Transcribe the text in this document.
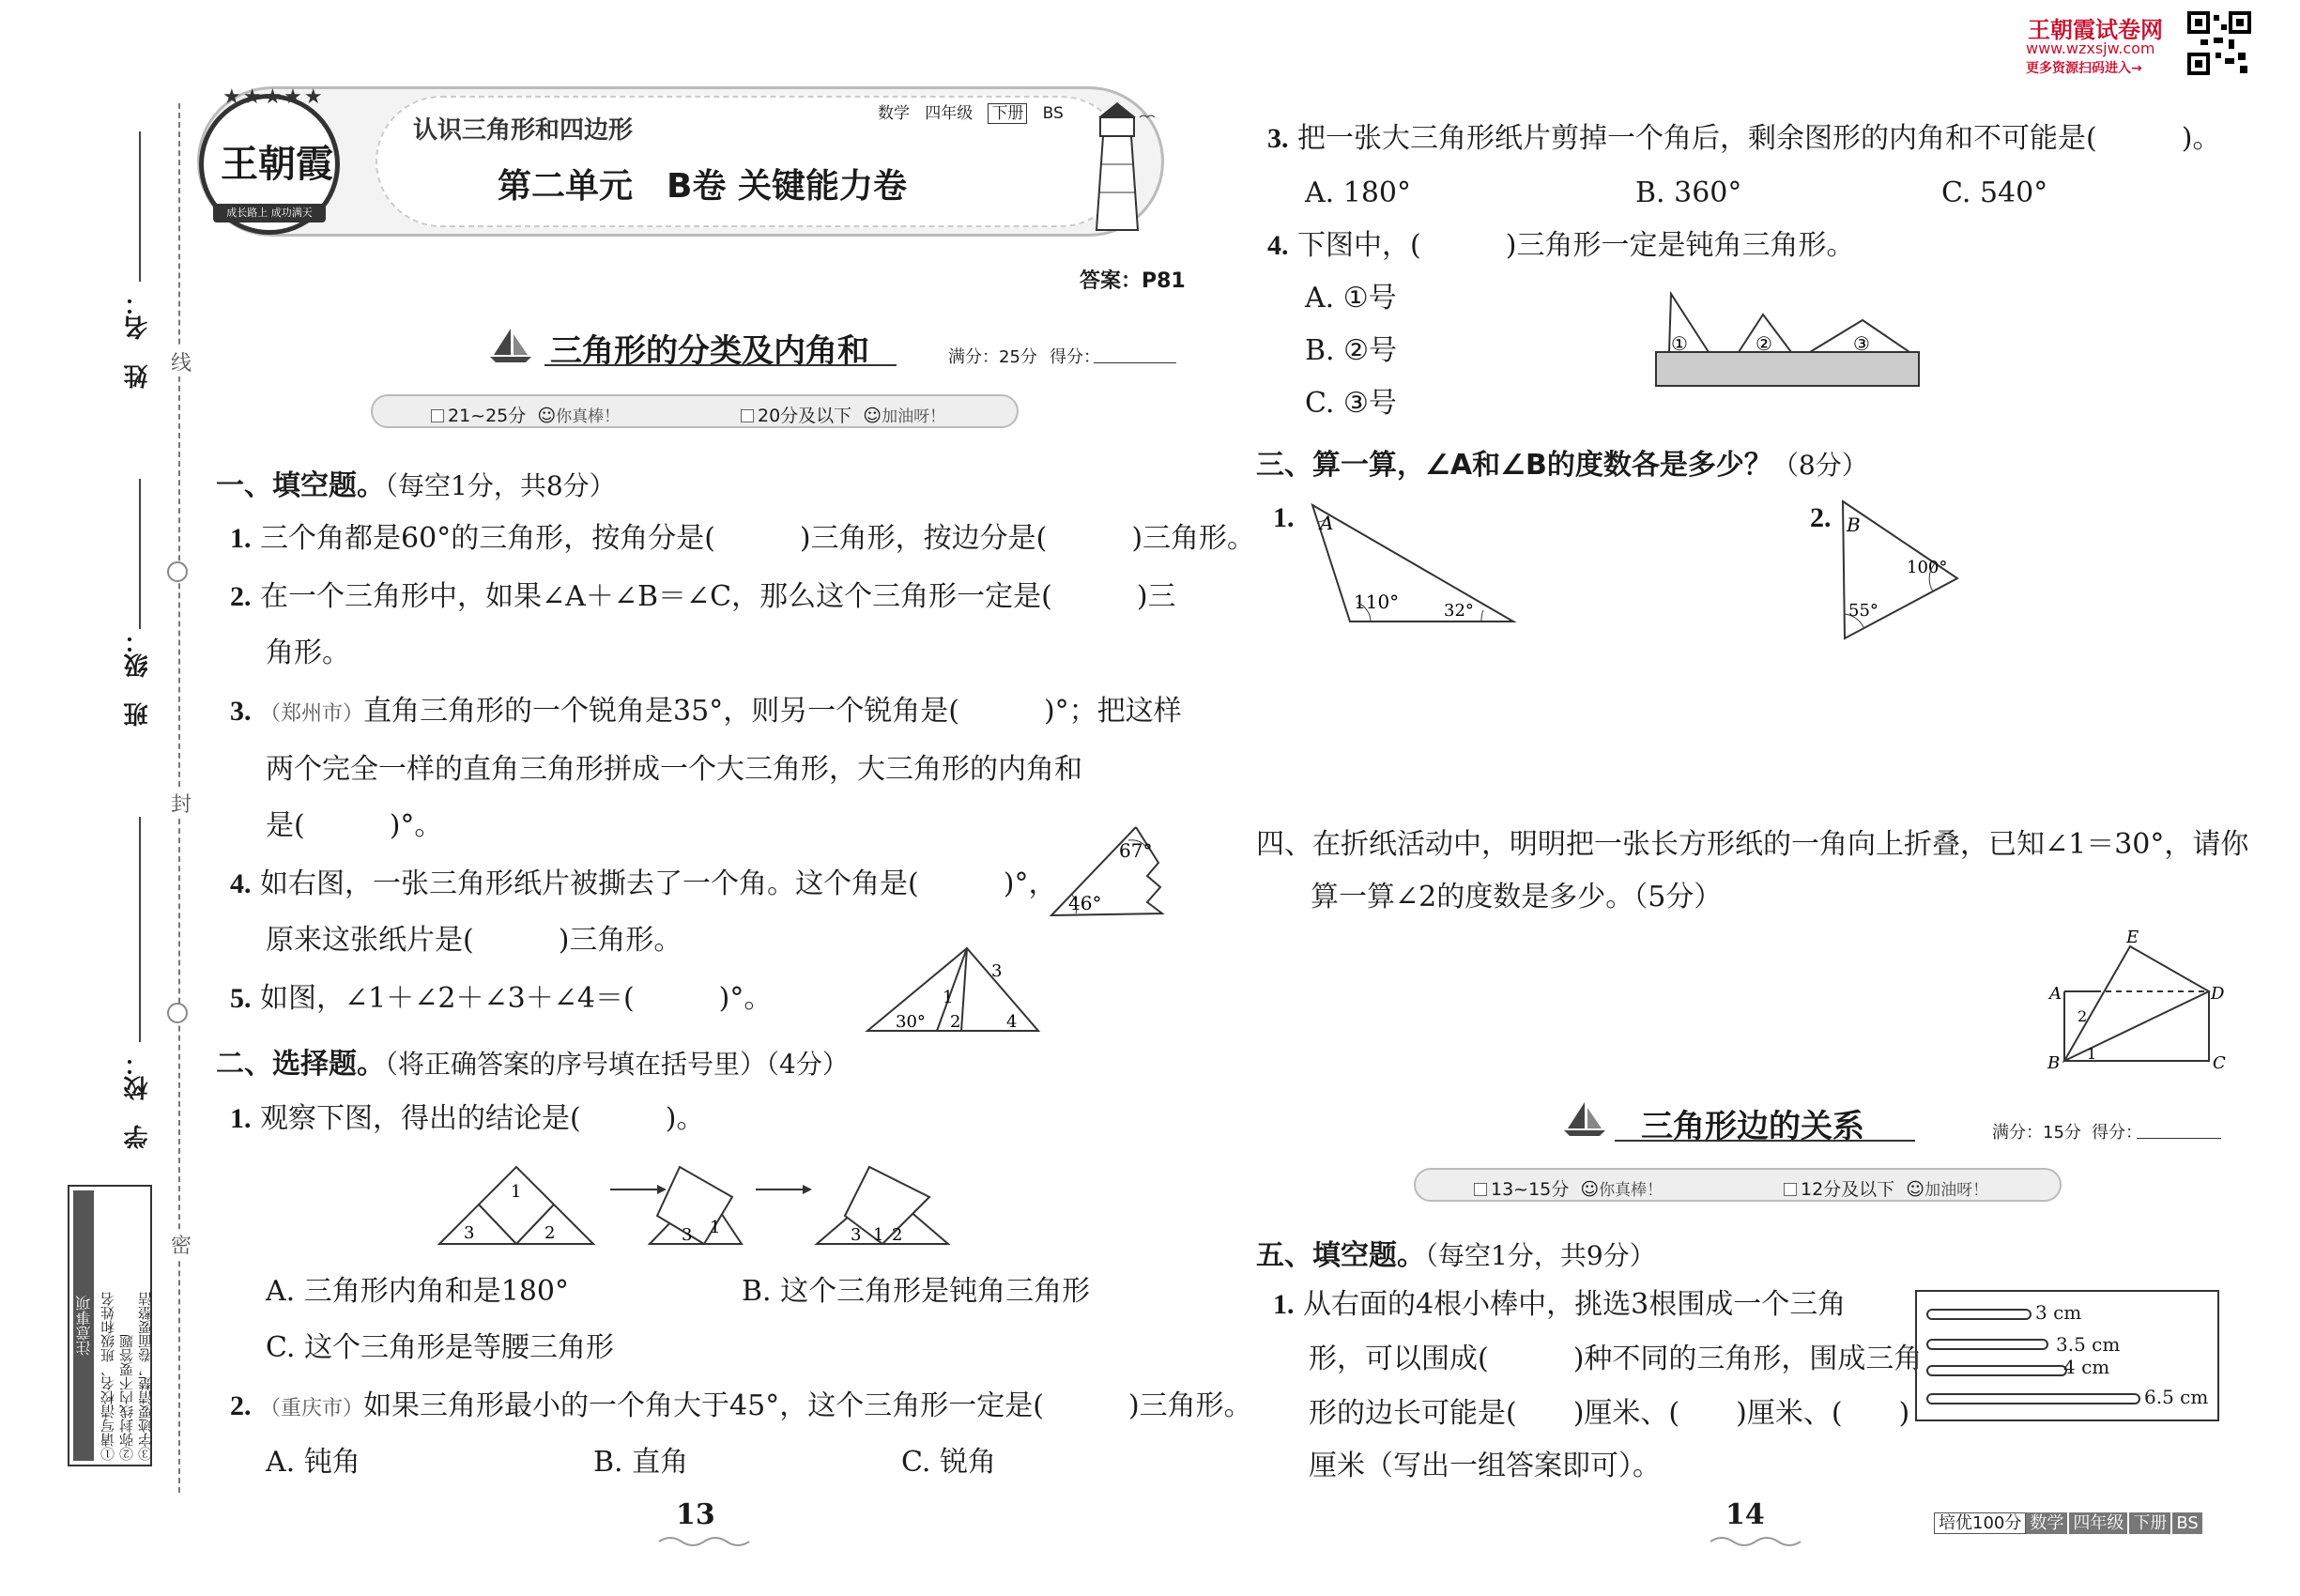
线
封
密
姓　名：
班　级：
学　校：
注意事项 ①请写清校名、班级和姓名 ②弥封线内不要答题 ③字迹要清楚，卷面要整洁
★★★★★
王朝霞
成长路上 成功满天
认识三角形和四边形
数学 四年级 下册 BS
第二单元　B卷 关键能力卷
答案：P81
王朝霞试卷网
www.wzxsjw.com
更多资源扫码进入→
三角形的分类及内角和	满分：25分 得分：
21~25分  ☺你真棒！	20分及以下  ☺加油呀！
一、填空题。（每空1分，共8分）
1. 三个角都是60°的三角形，按角分是(　　　)三角形，按边分是(　　　)三角形。
2. 在一个三角形中，如果∠A＋∠B＝∠C，那么这个三角形一定是(　　　)三
角形。
3. （郑州市）直角三角形的一个锐角是35°，则另一个锐角是(　　　)°；把这样
两个完全一样的直角三角形拼成一个大三角形，大三角形的内角和
是(　　　)°。
4. 如右图，一张三角形纸片被撕去了一个角。这个角是(　　　)°，
原来这张纸片是(　　　)三角形。
67°
46°
5. 如图，∠1＋∠2＋∠3＋∠4＝(　　　)°。
30°
1
2
3
4
二、选择题。（将正确答案的序号填在括号里）（4分）
1. 观察下图，得出的结论是(　　　)。
1
2
3	3 1	3 1 2
A. 三角形内角和是180°	B. 这个三角形是钝角三角形
C. 这个三角形是等腰三角形
2. （重庆市）如果三角形最小的一个角大于45°，这个三角形一定是(　　　)三角形。
A. 钝角	B. 直角	C. 锐角
13
3. 把一张大三角形纸片剪掉一个角后，剩余图形的内角和不可能是(　　　)。
A. 180°	B. 360°	C. 540°
4. 下图中，(　　　)三角形一定是钝角三角形。
A. ①号
B. ②号
C. ③号
①	②	③
三、算一算，∠A和∠B的度数各是多少？（8分）
1. A
110°	32°
2. B
100°
55°
四、在折纸活动中，明明把一张长方形纸的一角向上折叠，已知∠1＝30°，请你
算一算∠2的度数是多少。（5分）
A
B	C
D
E
1
2
三角形边的关系	满分：15分 得分：
13~15分  ☺你真棒！	12分及以下  ☺加油呀！
五、填空题。（每空1分，共9分）
1. 从右面的4根小棒中，挑选3根围成一个三角
形，可以围成(　　　)种不同的三角形，围成三角
形的边长可能是(　　)厘米、(　　)厘米、(　　)
厘米（写出一组答案即可）。
3 cm
3.5 cm
4 cm
6.5 cm
14	培优100分 数学 四年级 下册 BS
